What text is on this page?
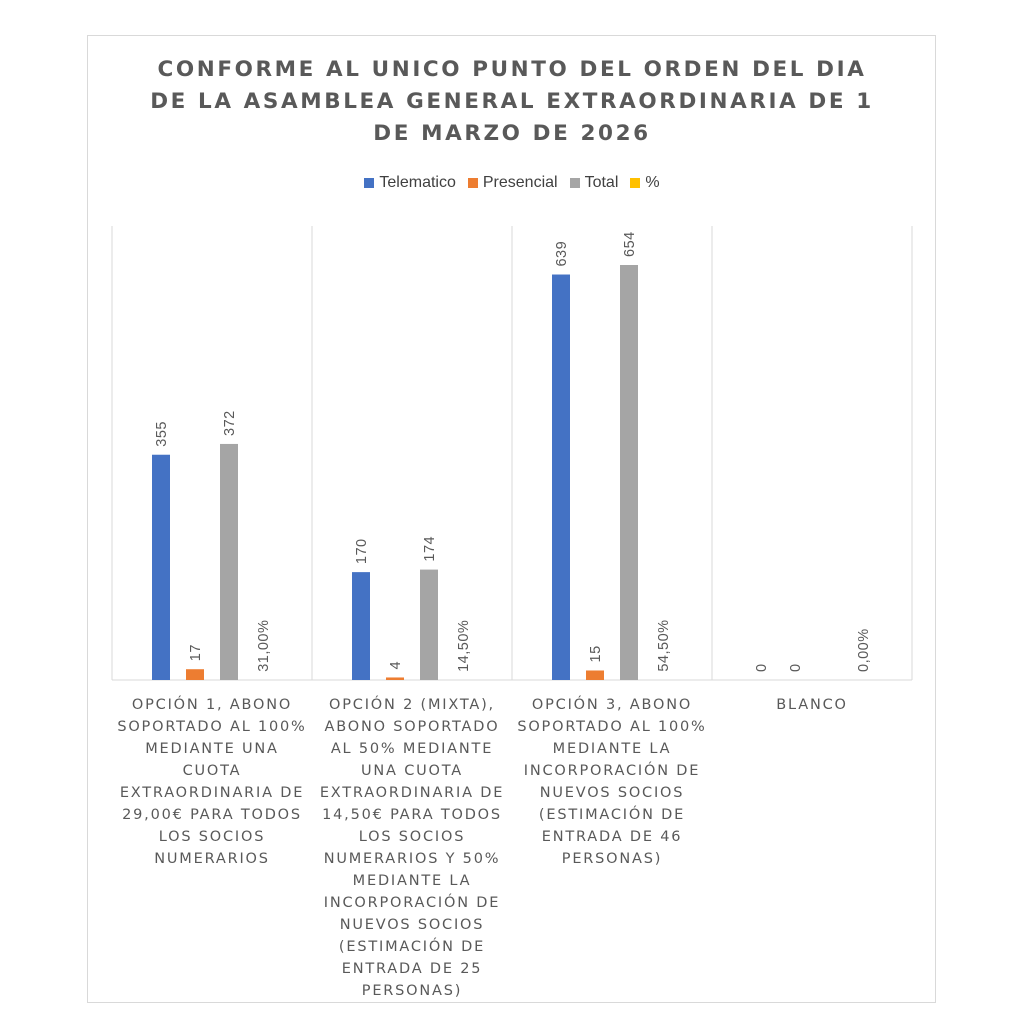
CONFORME AL UNICO PUNTO DEL ORDEN DEL DIA
DE LA ASAMBLEA GENERAL EXTRAORDINARIA DE 1
DE MARZO DE 2026
Telematico Presencial Total %
355
170
639
0
17
4
15
0
372
174
654
31,00%	14,50%	54,50%	0,00%
OPCIÓN 1, ABONO
SOPORTADO AL 100%
MEDIANTE UNA
CUOTA
EXTRAORDINARIA DE
29,00€ PARA TODOS
LOS SOCIOS
NUMERARIOS
OPCIÓN 2 (MIXTA),
ABONO SOPORTADO
AL 50% MEDIANTE
UNA CUOTA
EXTRAORDINARIA DE
14,50€ PARA TODOS
LOS SOCIOS
NUMERARIOS Y 50%
MEDIANTE LA
INCORPORACIÓN DE
NUEVOS SOCIOS
(ESTIMACIÓN DE
ENTRADA DE 25
PERSONAS)
OPCIÓN 3, ABONO
SOPORTADO AL 100%
MEDIANTE LA
INCORPORACIÓN DE
NUEVOS SOCIOS
(ESTIMACIÓN DE
ENTRADA DE 46
PERSONAS)
BLANCO
